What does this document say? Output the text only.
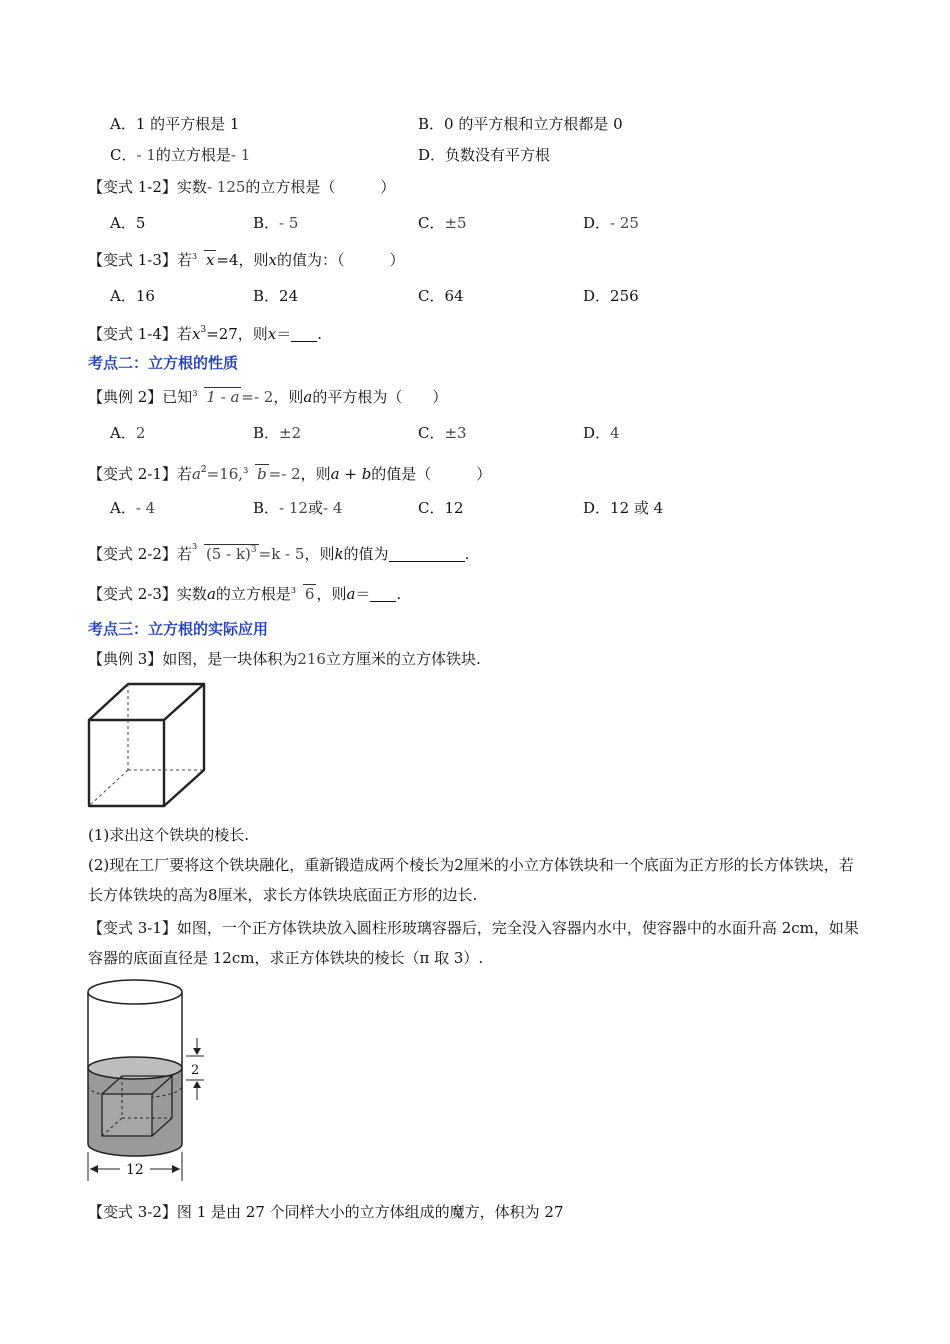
A．1 的平方根是 1	B．0 的平方根和立方根都是 0
C．- 1的立方根是- 1	D．负数没有平方根
【变式 1-2】实数- 125的立方根是（　　　）
A．5	B．- 5	C．±5	D．- 25
【变式 1-3】若 3 x =4，则x的值为：（　　　）
A．16	B．24	C．64	D．256
【变式 1-4】若$x^3=27$，则x＝ .
考点二：立方根的性质
【典例 2】已知 3 1 - a =- 2，则a的平方根为（　　）
A．2	B．±2	C．±3	D．4
【变式 2-1】若$a^2=16$, 3 b =- 2，则a + b的值是（　　　）
A．- 4	B．- 12或- 4	C．12	D．12 或 4
【变式 2-2】若 3 (5 - k)$^3$ =k - 5，则k的值为	.
【变式 2-3】实数a的立方根是 3 6 ，则a＝ .
考点三：立方根的实际应用
【典例 3】如图，是一块体积为216立方厘米的立方体铁块.
(1)求出这个铁块的棱长.
(2)现在工厂要将这个铁块融化，重新锻造成两个棱长为2厘米的小立方体铁块和一个底面为正方形的长方体铁块，若长方体铁块的高为8厘米，求长方体铁块底面正方形的边长.
【变式 3-1】如图，一个正方体铁块放入圆柱形玻璃容器后，完全没入容器内水中，使容器中的水面升高 2cm，如果容器的底面直径是 12cm，求正方体铁块的棱长（π 取 3）.
2
12
【变式 3-2】图 1 是由 27 个同样大小的立方体组成的魔方，体积为 27
